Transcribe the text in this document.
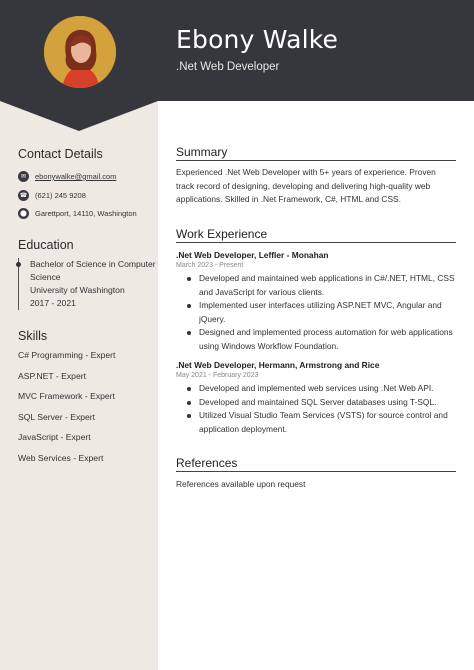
Ebony Walke
.Net Web Developer
Contact Details
✉	ebonywalke@gmail.com
☎ (621) 245 9208
⬤ Garettport, 14110, Washington
Education
Bachelor of Science in Computer Science
University of Washington
2017 - 2021
Skills
C# Programming - Expert
ASP.NET - Expert
MVC Framework - Expert
SQL Server - Expert
JavaScript - Expert
Web Services - Expert
Summary
Experienced .Net Web Developer with 5+ years of experience. Proven track record of designing, developing and delivering high-quality web applications. Skilled in .Net Framework, C#, HTML and CSS.
Work Experience
.Net Web Developer, Leffler - Monahan
March 2023 - Present
Developed and maintained web applications in C#/.NET, HTML, CSS and JavaScript for various clients.
Implemented user interfaces utilizing ASP.NET MVC, Angular and jQuery.
Designed and implemented process automation for web applications using Windows Workflow Foundation.
.Net Web Developer, Hermann, Armstrong and Rice
May 2021 - February 2023
Developed and implemented web services using .Net Web API.
Developed and maintained SQL Server databases using T-SQL.
Utilized Visual Studio Team Services (VSTS) for source control and application deployment.
References
References available upon request
